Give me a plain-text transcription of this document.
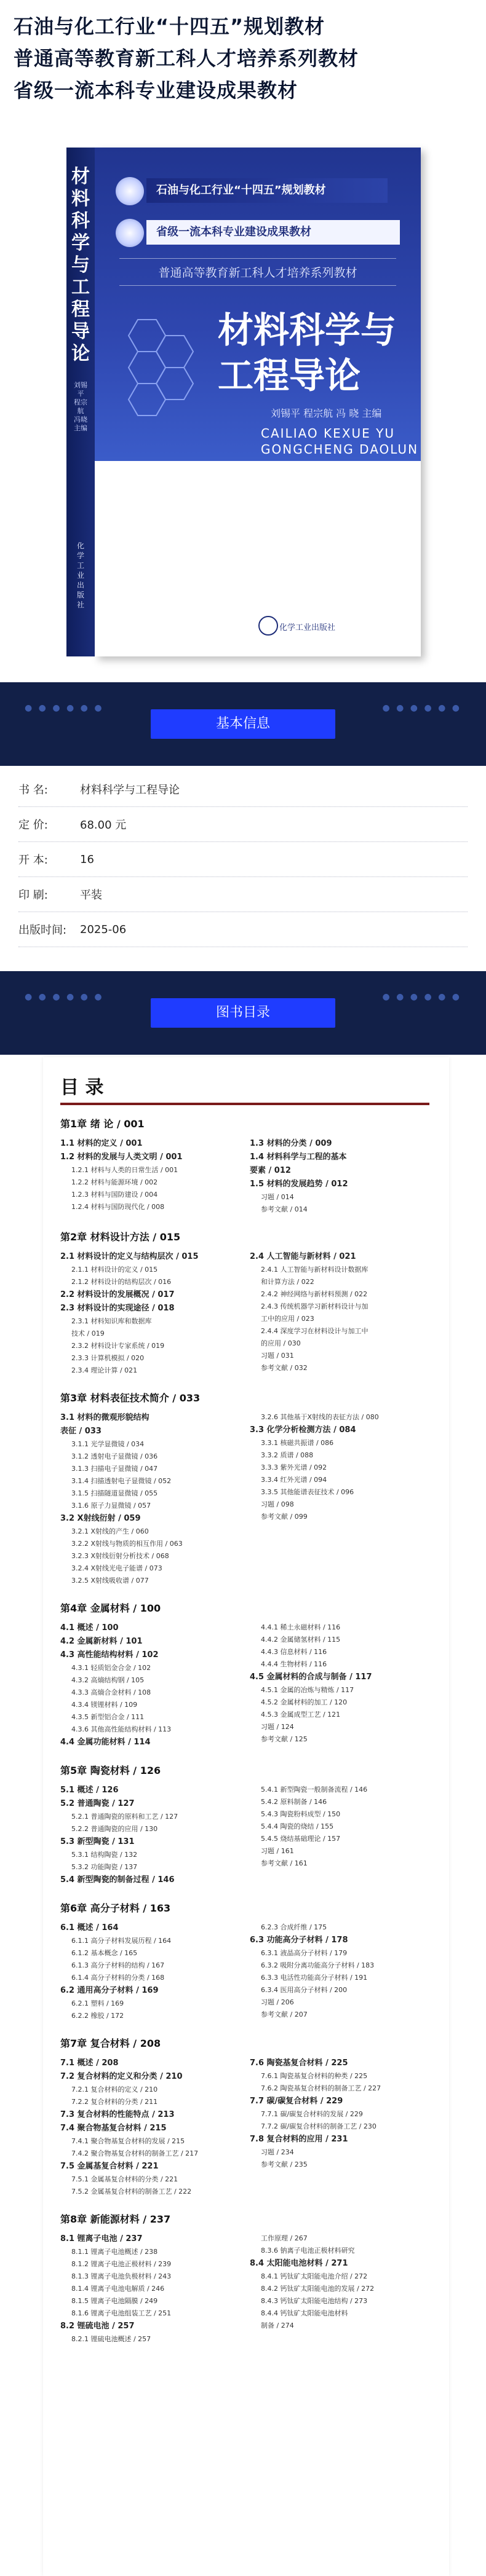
石油与化工行业“十四五”规划教材
普通高等教育新工科人才培养系列教材
省级一流本科专业建设成果教材
材料科学与工程导论
刘锡平 程宗航 冯晓 主编
化学工业出版社
石油与化工行业“十四五”规划教材
省级一流本科专业建设成果教材
普通高等教育新工科人才培养系列教材
材料科学与
工程导论
刘锡平 程宗航 冯 晓 主编
CAILIAO KEXUE YU
GONGCHENG DAOLUN
化学工业出版社
● ● ● ● ● ●	● ● ● ● ● ●
基本信息
书 名:	材料科学与工程导论
定 价:	68.00 元
开 本:	16
印 刷:	平装
出版时间:	2025-06
● ● ● ● ● ●	● ● ● ● ● ●
图书目录
目 录
第1章 绪 论 / 001
1.1 材料的定义 / 001
1.2 材料的发展与人类文明 / 001
1.2.1 材料与人类的日常生活 / 001
1.2.2 材料与能源环境 / 002
1.2.3 材料与国防建设 / 004
1.2.4 材料与国防现代化 / 008
1.3 材料的分类 / 009
1.4 材料科学与工程的基本
要素 / 012
1.5 材料的发展趋势 / 012
习题 / 014
参考文献 / 014
第2章 材料设计方法 / 015
2.1 材料设计的定义与结构层次 / 015
2.1.1 材料设计的定义 / 015
2.1.2 材料设计的结构层次 / 016
2.2 材料设计的发展概况 / 017
2.3 材料设计的实现途径 / 018
2.3.1 材料知识库和数据库
技术 / 019
2.3.2 材料设计专家系统 / 019
2.3.3 计算机模拟 / 020
2.3.4 理论计算 / 021
2.4 人工智能与新材料 / 021
2.4.1 人工智能与新材料设计数据库
和计算方法 / 022
2.4.2 神经网络与新材料预测 / 022
2.4.3 传统机器学习新材料设计与加
工中的应用 / 023
2.4.4 深度学习在材料设计与加工中
的应用 / 030
习题 / 031
参考文献 / 032
第3章 材料表征技术简介 / 033
3.1 材料的微观形貌结构
表征 / 033
3.1.1 光学显微镜 / 034
3.1.2 透射电子显微镜 / 036
3.1.3 扫描电子显微镜 / 047
3.1.4 扫描透射电子显微镜 / 052
3.1.5 扫描隧道显微镜 / 055
3.1.6 原子力显微镜 / 057
3.2 X射线衍射 / 059
3.2.1 X射线的产生 / 060
3.2.2 X射线与物质的相互作用 / 063
3.2.3 X射线衍射分析技术 / 068
3.2.4 X射线光电子能谱 / 073
3.2.5 X射线吸收谱 / 077
3.2.6 其他基于X射线的表征方法 / 080
3.3 化学分析检测方法 / 084
3.3.1 核磁共振谱 / 086
3.3.2 质谱 / 088
3.3.3 紫外光谱 / 092
3.3.4 红外光谱 / 094
3.3.5 其他能谱表征技术 / 096
习题 / 098
参考文献 / 099
第4章 金属材料 / 100
4.1 概述 / 100
4.2 金属新材料 / 101
4.3 高性能结构材料 / 102
4.3.1 轻质铝金合金 / 102
4.3.2 高熵结构钢 / 105
4.3.3 高熵合金材料 / 108
4.3.4 镁锂材料 / 109
4.3.5 新型铝合金 / 111
4.3.6 其他高性能结构材料 / 113
4.4 金属功能材料 / 114
4.4.1 稀土永磁材料 / 116
4.4.2 金属储氢材料 / 115
4.4.3 信息材料 / 116
4.4.4 生物材料 / 116
4.5 金属材料的合成与制备 / 117
4.5.1 金属的冶炼与精炼 / 117
4.5.2 金属材料的加工 / 120
4.5.3 金属成型工艺 / 121
习题 / 124
参考文献 / 125
第5章 陶瓷材料 / 126
5.1 概述 / 126
5.2 普通陶瓷 / 127
5.2.1 普通陶瓷的原料和工艺 / 127
5.2.2 普通陶瓷的应用 / 130
5.3 新型陶瓷 / 131
5.3.1 结构陶瓷 / 132
5.3.2 功能陶瓷 / 137
5.4 新型陶瓷的制备过程 / 146
5.4.1 新型陶瓷一般制备流程 / 146
5.4.2 原料制备 / 146
5.4.3 陶瓷粉料成型 / 150
5.4.4 陶瓷的烧结 / 155
5.4.5 烧结基础理论 / 157
习题 / 161
参考文献 / 161
第6章 高分子材料 / 163
6.1 概述 / 164
6.1.1 高分子材料发展历程 / 164
6.1.2 基本概念 / 165
6.1.3 高分子材料的结构 / 167
6.1.4 高分子材料的分类 / 168
6.2 通用高分子材料 / 169
6.2.1 塑料 / 169
6.2.2 橡胶 / 172
6.2.3 合成纤维 / 175
6.3 功能高分子材料 / 178
6.3.1 液晶高分子材料 / 179
6.3.2 吸附分离功能高分子材料 / 183
6.3.3 电活性功能高分子材料 / 191
6.3.4 医用高分子材料 / 200
习题 / 206
参考文献 / 207
第7章 复合材料 / 208
7.1 概述 / 208
7.2 复合材料的定义和分类 / 210
7.2.1 复合材料的定义 / 210
7.2.2 复合材料的分类 / 211
7.3 复合材料的性能特点 / 213
7.4 聚合物基复合材料 / 215
7.4.1 聚合物基复合材料的发展 / 215
7.4.2 聚合物基复合材料的制备工艺 / 217
7.5 金属基复合材料 / 221
7.5.1 金属基复合材料的分类 / 221
7.5.2 金属基复合材料的制备工艺 / 222
7.6 陶瓷基复合材料 / 225
7.6.1 陶瓷基复合材料的种类 / 225
7.6.2 陶瓷基复合材料的制备工艺 / 227
7.7 碳/碳复合材料 / 229
7.7.1 碳/碳复合材料的发展 / 229
7.7.2 碳/碳复合材料的制备工艺 / 230
7.8 复合材料的应用 / 231
习题 / 234
参考文献 / 235
第8章 新能源材料 / 237
8.1 锂离子电池 / 237
8.1.1 锂离子电池概述 / 238
8.1.2 锂离子电池正极材料 / 239
8.1.3 锂离子电池负极材料 / 243
8.1.4 锂离子电池电解质 / 246
8.1.5 锂离子电池隔膜 / 249
8.1.6 锂离子电池组装工艺 / 251
8.2 锂硫电池 / 257
8.2.1 锂硫电池概述 / 257
工作原理 / 267
8.3.6 钠离子电池正极材料研究
8.4 太阳能电池材料 / 271
8.4.1 钙钛矿太阳能电池介绍 / 272
8.4.2 钙钛矿太阳能电池的发展 / 272
8.4.3 钙钛矿太阳能电池结构 / 273
8.4.4 钙钛矿太阳能电池材料
制备 / 274
